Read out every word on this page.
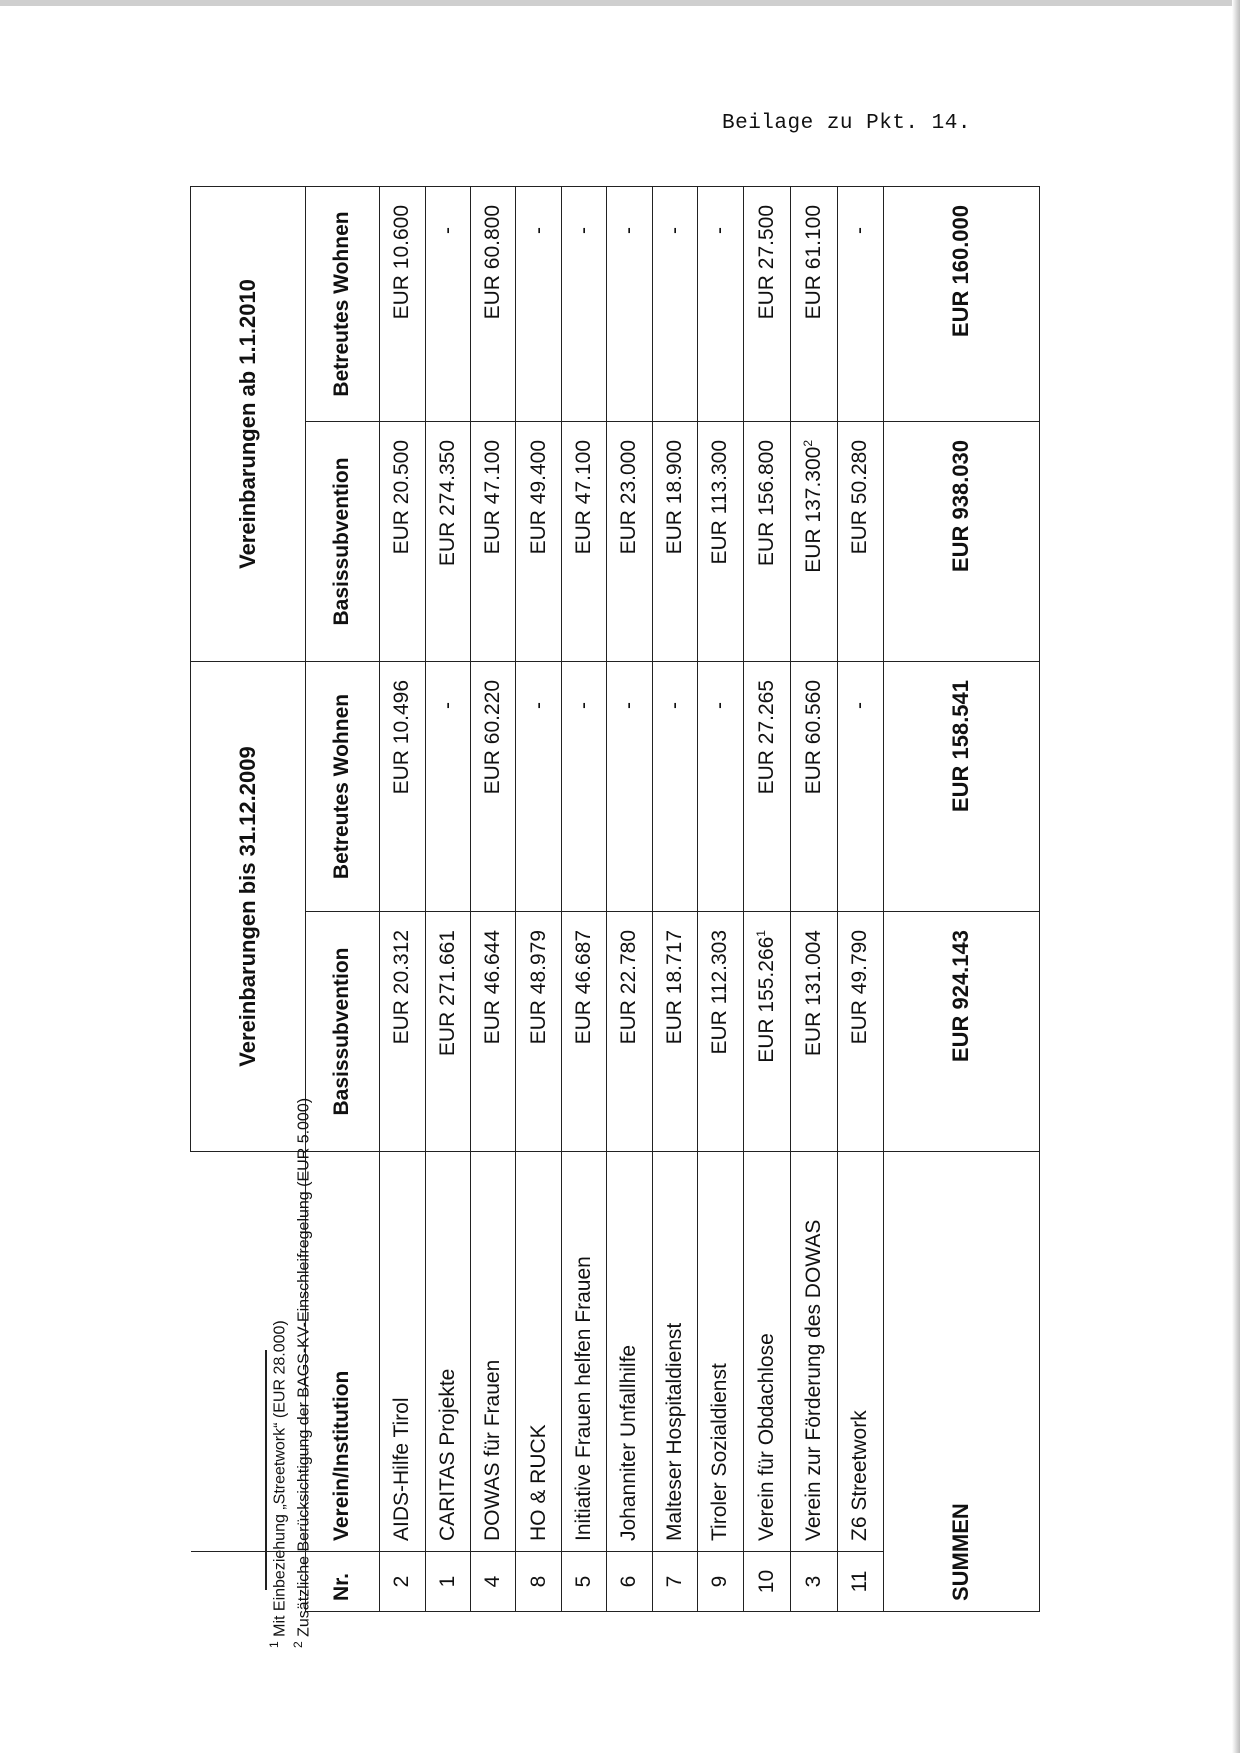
Beilage zu Pkt. 14.
		Vereinbarungen bis 31.12.2009		Vereinbarungen ab 1.1.2010	
Nr.	Verein/Institution	Basissubvention	Betreutes Wohnen	Basissubvention	Betreutes Wohnen
2	AIDS-Hilfe Tirol	EUR 20.312	EUR 10.496	EUR 20.500	EUR 10.600
1	CARITAS Projekte	EUR 271.661	-	EUR 274.350	-
4	DOWAS für Frauen	EUR 46.644	EUR 60.220	EUR 47.100	EUR 60.800
8	HO & RUCK	EUR 48.979	-	EUR 49.400	-
5	Initiative Frauen helfen Frauen	EUR 46.687	-	EUR 47.100	-
6	Johanniter Unfallhilfe	EUR 22.780	-	EUR 23.000	-
7	Malteser Hospitaldienst	EUR 18.717	-	EUR 18.900	-
9	Tiroler Sozialdienst	EUR 112.303	-	EUR 113.300	-
10	Verein für Obdachlose	EUR 155.266$^1$	EUR 27.265	EUR 156.800	EUR 27.500
3	Verein zur Förderung des DOWAS	EUR 131.004	EUR 60.560	EUR 137.300$^2$	EUR 61.100
11	Z6 Streetwork	EUR 49.790	-	EUR 50.280	-
SUMMEN		EUR 924.143	EUR 158.541	EUR 938.030	EUR 160.000
$^1$ Mit Einbeziehung „Streetwork“ (EUR 28.000)
$^2$ Zusätzliche Berücksichtigung der BAGS-KV-Einschleifregelung (EUR 5.000)
